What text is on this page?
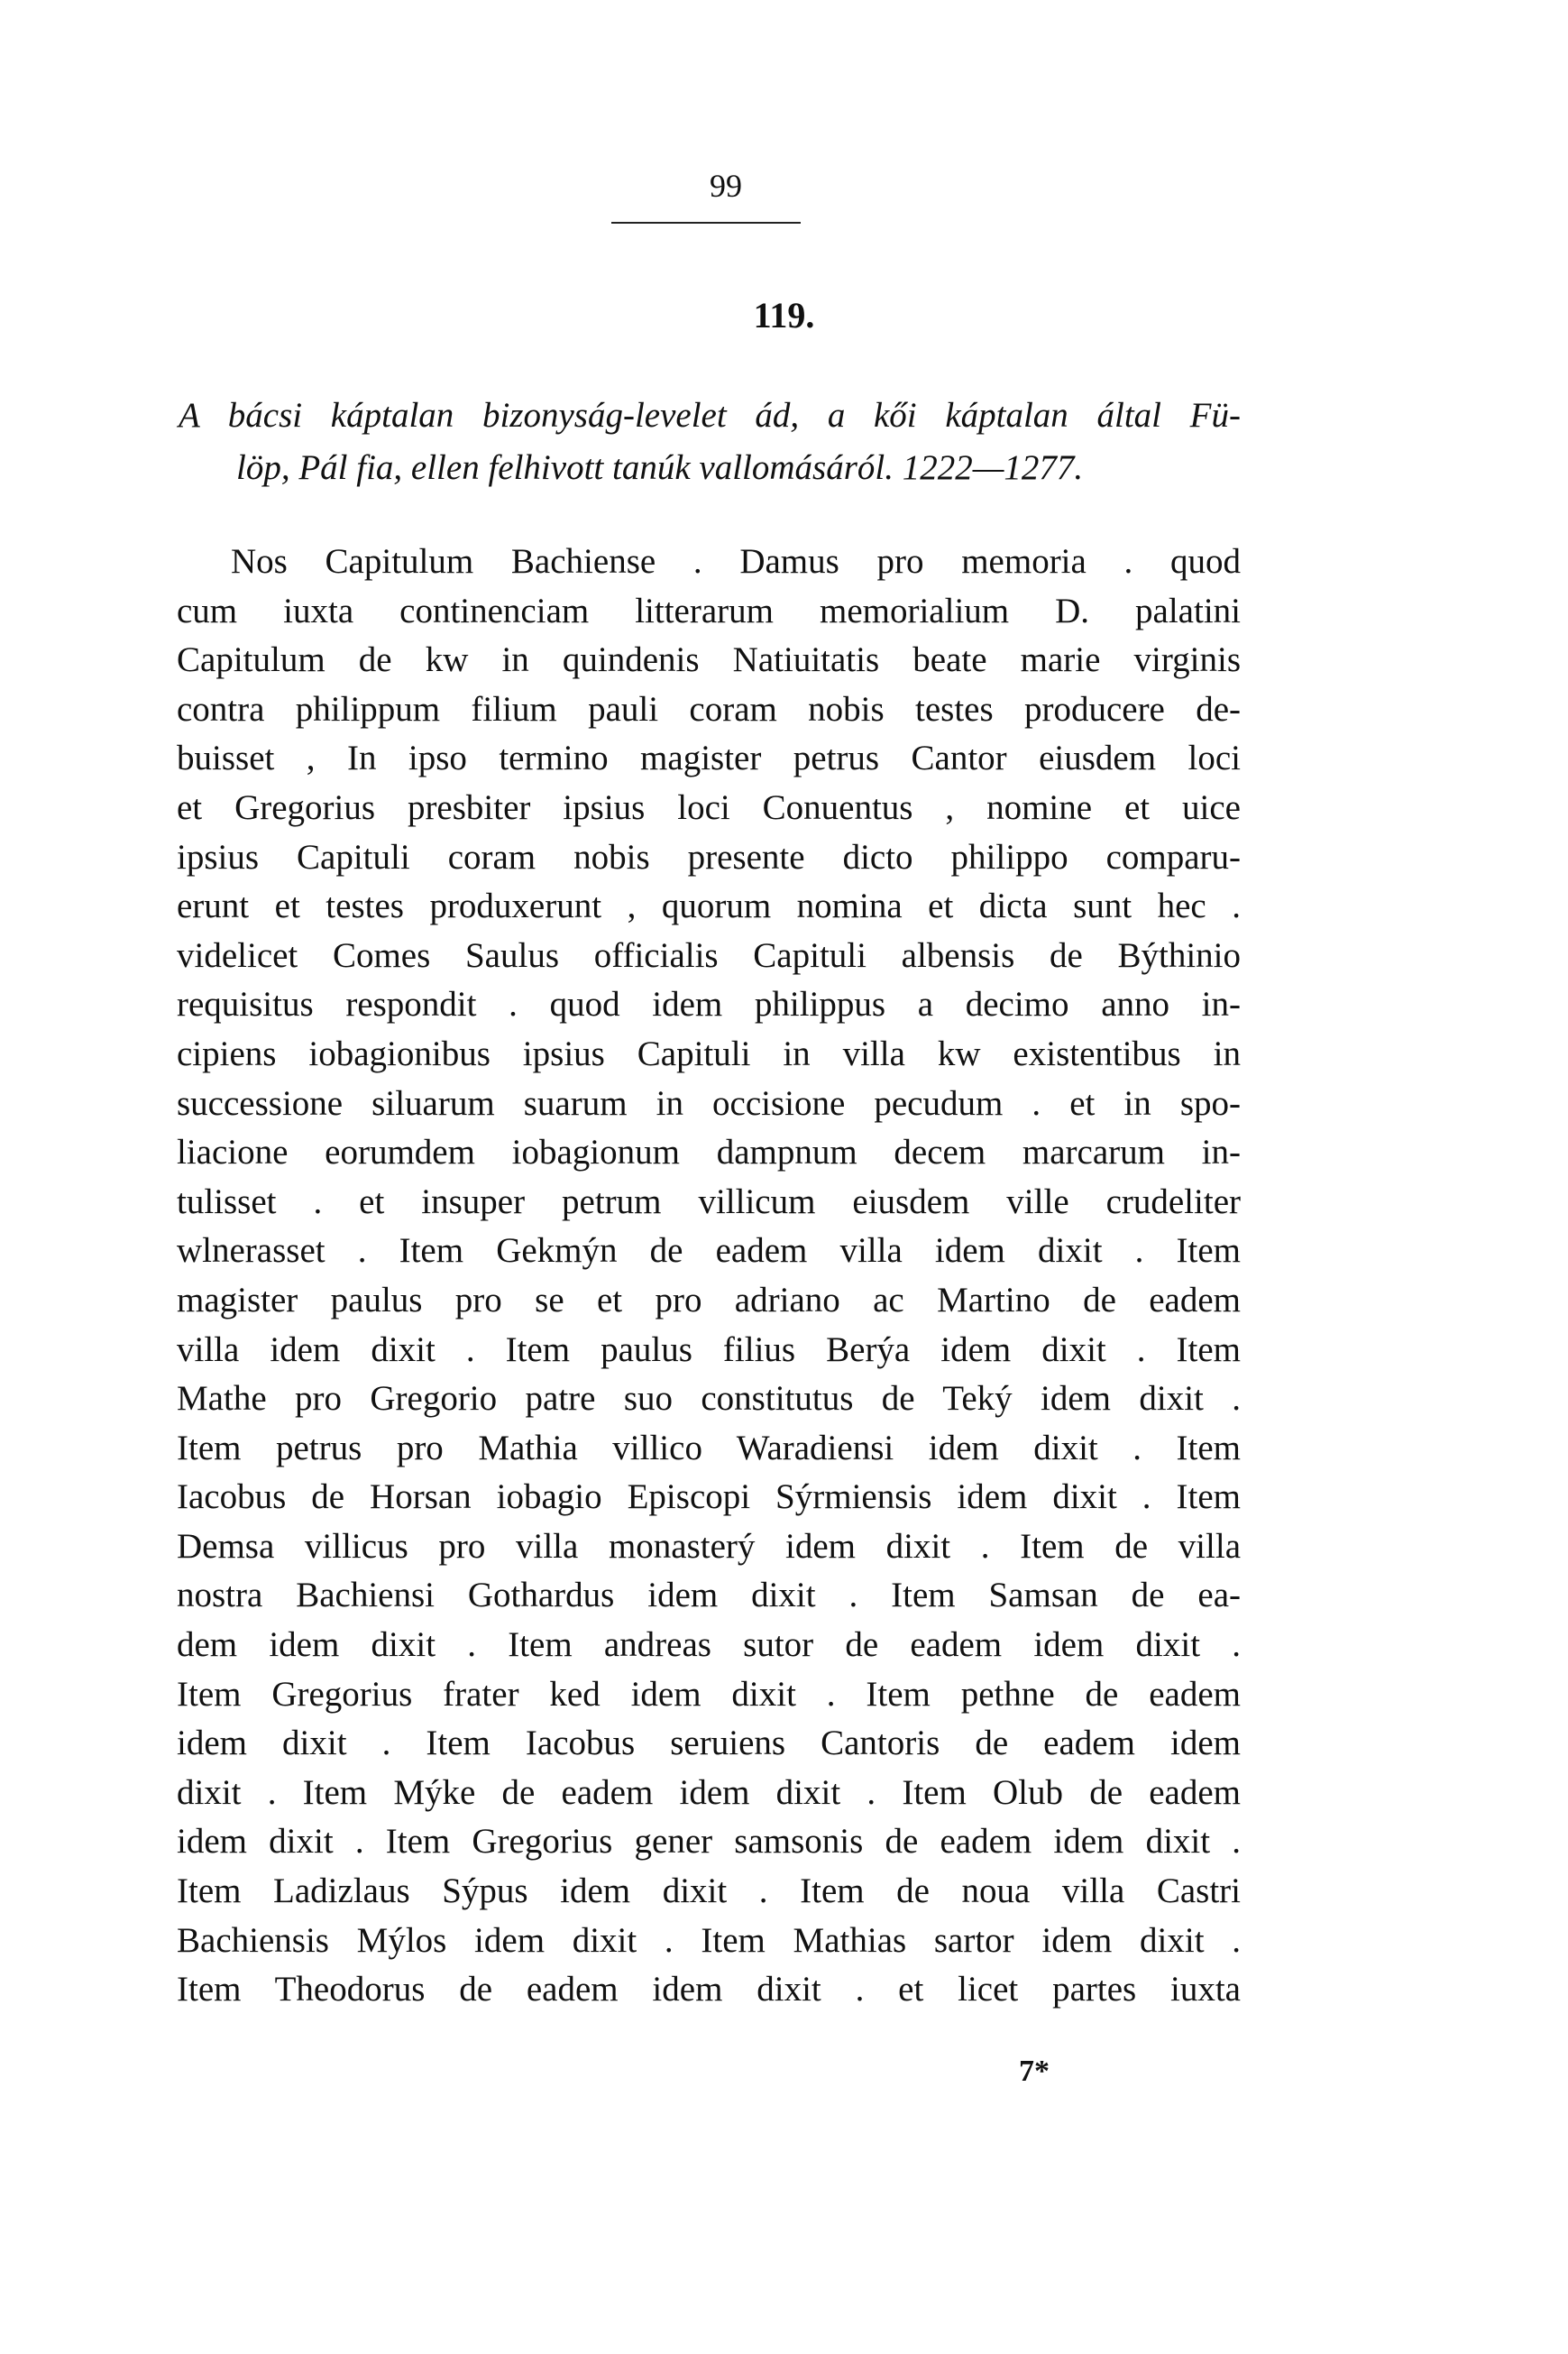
99
119.
A bácsi káptalan bizonyság-levelet ád, a kői káptalan által Fü-
löp, Pál fia, ellen felhivott tanúk vallomásáról. 1222—1277.
Nos Capitulum Bachiense . Damus pro memoria . quod
cum iuxta continenciam litterarum memorialium D. palatini
Capitulum de kw in quindenis Natiuitatis beate marie virginis
contra philippum filium pauli coram nobis testes producere de-
buisset , In ipso termino magister petrus Cantor eiusdem loci
et Gregorius presbiter ipsius loci Conuentus , nomine et uice
ipsius Capituli coram nobis presente dicto philippo comparu-
erunt et testes produxerunt , quorum nomina et dicta sunt hec .
videlicet Comes Saulus officialis Capituli albensis de Býthinio
requisitus respondit . quod idem philippus a decimo anno in-
cipiens iobagionibus ipsius Capituli in villa kw existentibus in
successione siluarum suarum in occisione pecudum . et in spo-
liacione eorumdem iobagionum dampnum decem marcarum in-
tulisset . et insuper petrum villicum eiusdem ville crudeliter
wlnerasset . Item Gekmýn de eadem villa idem dixit . Item
magister paulus pro se et pro adriano ac Martino de eadem
villa idem dixit . Item paulus filius Berýa idem dixit . Item
Mathe pro Gregorio patre suo constitutus de Teký idem dixit .
Item petrus pro Mathia villico Waradiensi idem dixit . Item
Iacobus de Horsan iobagio Episcopi Sýrmiensis idem dixit . Item
Demsa villicus pro villa monasterý idem dixit . Item de villa
nostra Bachiensi Gothardus idem dixit . Item Samsan de ea-
dem idem dixit . Item andreas sutor de eadem idem dixit .
Item Gregorius frater ked idem dixit . Item pethne de eadem
idem dixit . Item Iacobus seruiens Cantoris de eadem idem
dixit . Item Mýke de eadem idem dixit . Item Olub de eadem
idem dixit . Item Gregorius gener samsonis de eadem idem dixit .
Item Ladizlaus Sýpus idem dixit . Item de noua villa Castri
Bachiensis Mýlos idem dixit . Item Mathias sartor idem dixit .
Item Theodorus de eadem idem dixit . et licet partes iuxta
7*
